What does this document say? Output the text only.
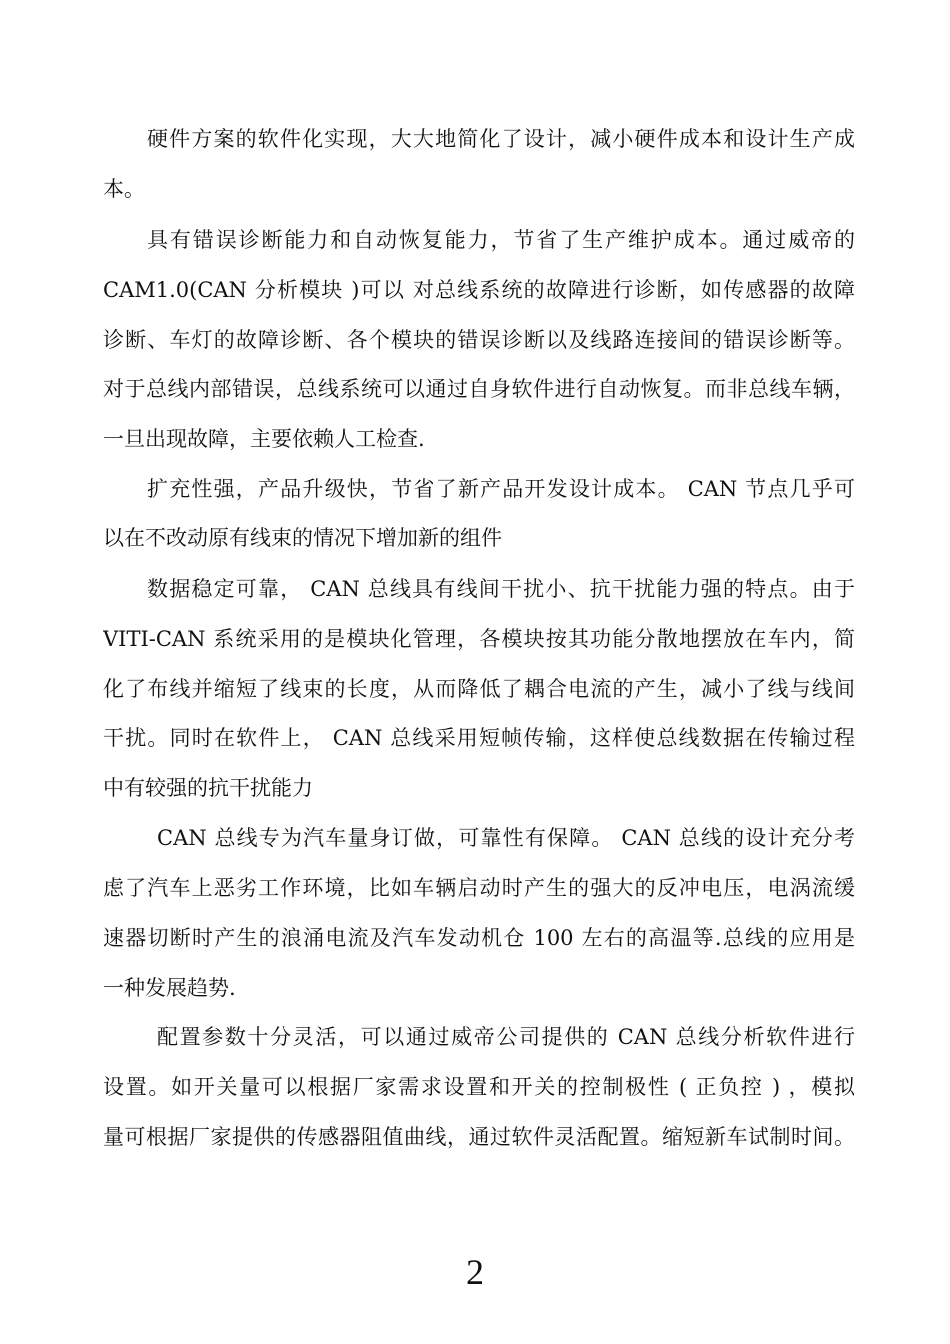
硬件方案的软件化实现，大大地简化了设计，减小硬件成本和设计生产成
本。
具有错误诊断能力和自动恢复能力，节省了生产维护成本。通过威帝的
CAM1.0(CAN 分析模块 )可以 对总线系统的故障进行诊断，如传感器的故障
诊断、车灯的故障诊断、各个模块的错误诊断以及线路连接间的错误诊断等。
对于总线内部错误，总线系统可以通过自身软件进行自动恢复。而非总线车辆，
一旦出现故障，主要依赖人工检查.
扩充性强，产品升级快，节省了新产品开发设计成本。 CAN 节点几乎可
以在不改动原有线束的情况下增加新的组件
数据稳定可靠， CAN 总线具有线间干扰小、抗干扰能力强的特点。由于
VITI-CAN 系统采用的是模块化管理，各模块按其功能分散地摆放在车内，简
化了布线并缩短了线束的长度，从而降低了耦合电流的产生，减小了线与线间
干扰。同时在软件上， CAN 总线采用短帧传输，这样使总线数据在传输过程
中有较强的抗干扰能力
CAN 总线专为汽车量身订做，可靠性有保障。 CAN 总线的设计充分考
虑了汽车上恶劣工作环境，比如车辆启动时产生的强大的反冲电压，电涡流缓
速器切断时产生的浪涌电流及汽车发动机仓 100 左右的高温等.总线的应用是
一种发展趋势.
配置参数十分灵活，可以通过威帝公司提供的 CAN 总线分析软件进行
设置。如开关量可以根据厂家需求设置和开关的控制极性 ( 正负控 ) ，模拟
量可根据厂家提供的传感器阻值曲线，通过软件灵活配置。缩短新车试制时间。
2
